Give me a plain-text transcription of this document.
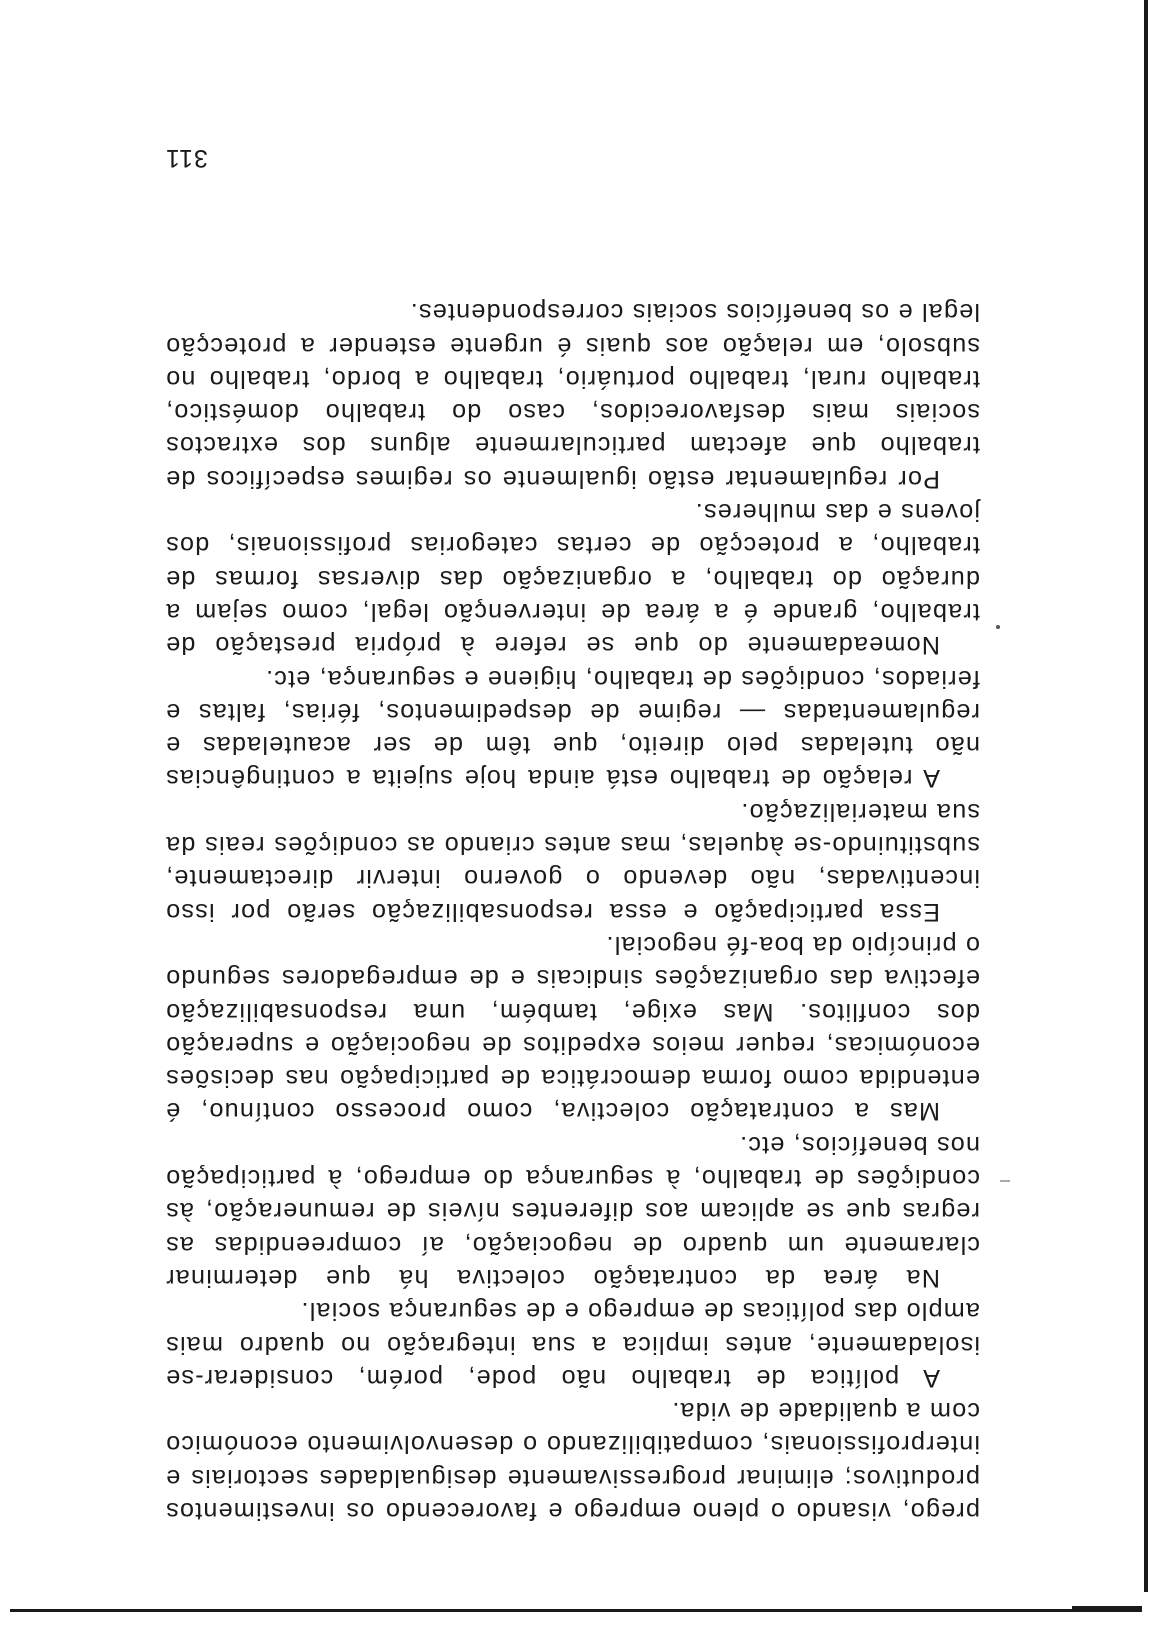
prego, visando o pleno emprego e favorecendo os investimentos produtivos; eliminar progressivamente desigualdades sectoriais e interprofissionais, compatibilizando o desenvolvimento económico com a qualidade de vida.

A política de trabalho não pode, porém, considerar-se isoladamente, antes implica a sua integração no quadro mais amplo das políticas de emprego e de segurança social.

Na área da contratação colectiva há que determinar claramente um quadro de negociação, aí compreendidas as regras que se aplicam aos diferentes níveis de remuneração, às condições de trabalho, à segurança do emprego, à participação nos benefícios, etc.

Mas a contratação colectiva, como processo contínuo, é entendida como forma democrática de participação nas decisões económicas, requer meios expeditos de negociação e superação dos conflitos. Mas exige, também, uma responsabilização efectiva das organizações sindicais e de empregadores segundo o princípio da boa-fé negocial.

Essa participação e essa responsabilização serão por isso incentivadas, não devendo o governo intervir directamente, substituindo-se àquelas, mas antes criando as condições reais da sua materialização.

A relação de trabalho está ainda hoje sujeita a contingências não tuteladas pelo direito, que têm de ser acauteladas e regulamentadas — regime de despedimentos, férias, faltas e feriados, condições de trabalho, higiene e segurança, etc.

Nomeadamente do que se refere à própria prestação de trabalho, grande é a área de intervenção legal, como sejam a duração do trabalho, a organização das diversas formas de trabalho, a protecção de certas categorias profissionais, dos jovens e das mulheres.

Por regulamentar estão igualmente os regimes específicos de trabalho que afectam particularmente alguns dos extractos sociais mais desfavorecidos, caso do trabalho doméstico, trabalho rural, trabalho portuário, trabalho a bordo, trabalho no subsolo, em relação aos quais é urgente estender a protecção legal e os benefícios sociais correspondentes.

311
